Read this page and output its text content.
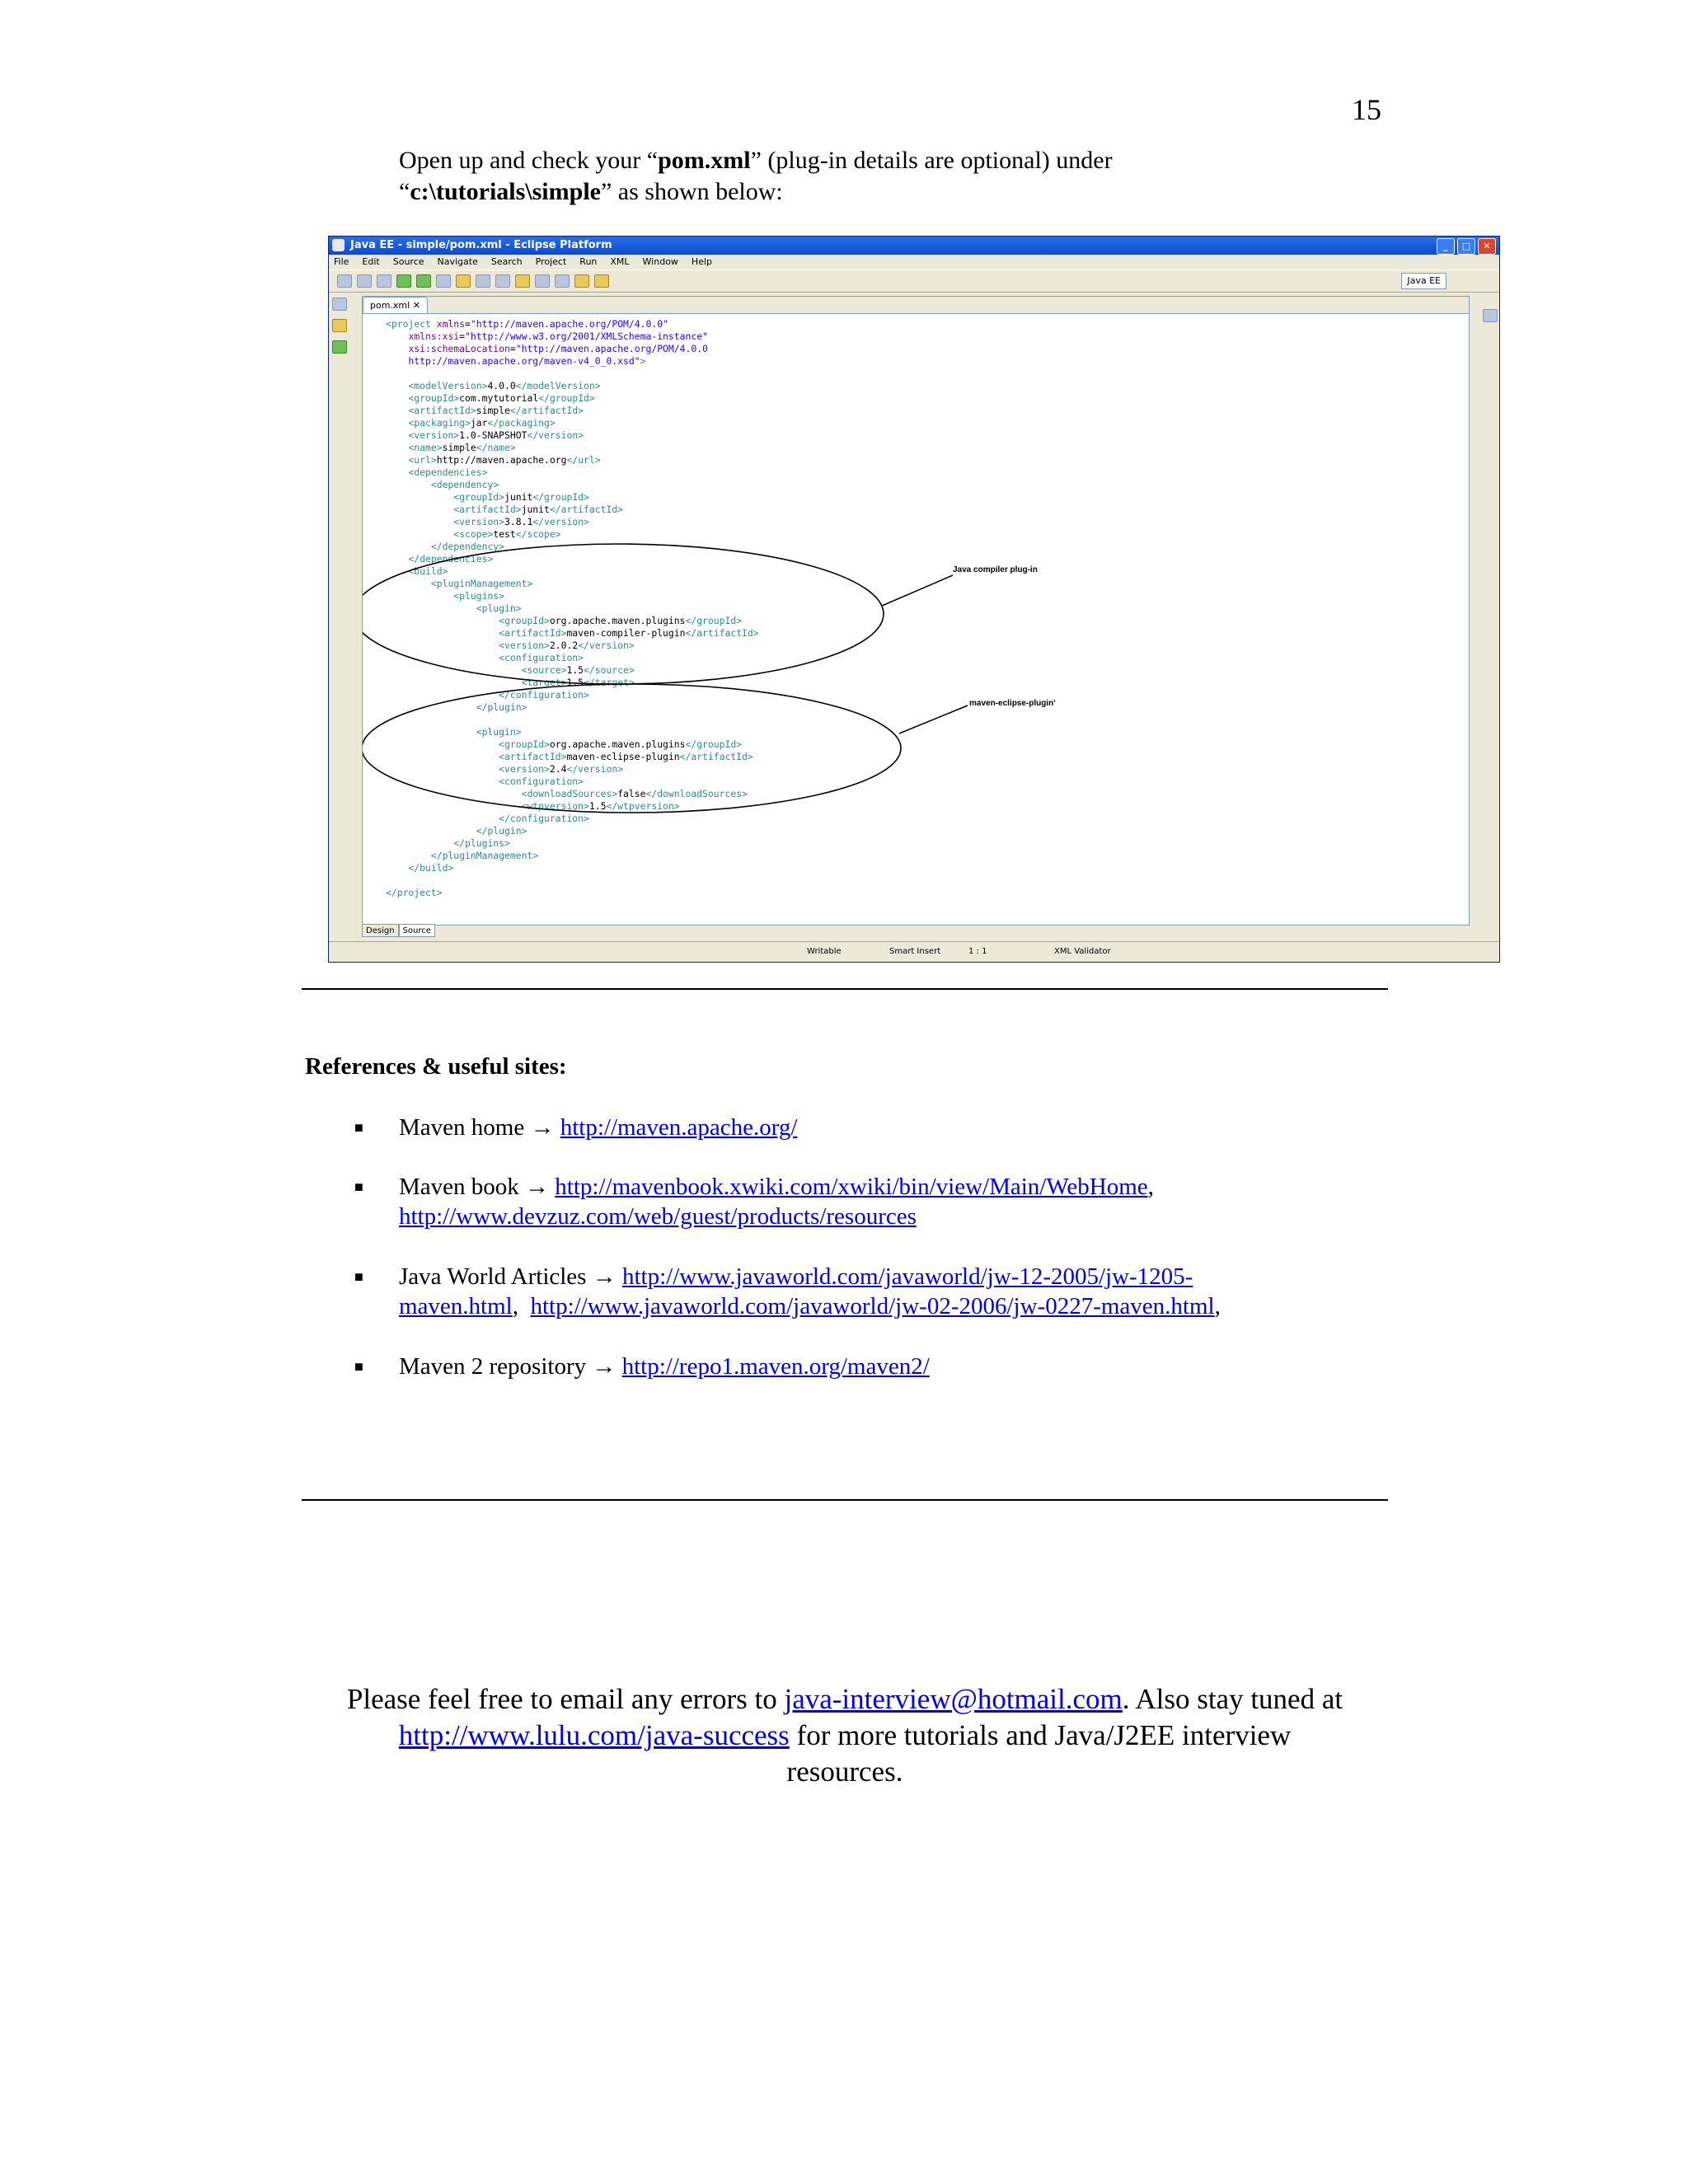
15
Open up and check your “pom.xml” (plug-in details are optional) under
“c:\tutorials\simple” as shown below:
Java EE - simple/pom.xml - Eclipse Platform	_	□	✕
File Edit Source Navigate Search Project Run XML Window Help
Java EE
pom.xml ✕
<project xmlns="http://maven.apache.org/POM/4.0.0"
xmlns:xsi="http://www.w3.org/2001/XMLSchema-instance"
xsi:schemaLocation="http://maven.apache.org/POM/4.0.0
http://maven.apache.org/maven-v4_0_0.xsd">

<modelVersion>4.0.0</modelVersion>
<groupId>com.mytutorial</groupId>
<artifactId>simple</artifactId>
<packaging>jar</packaging>
<version>1.0-SNAPSHOT</version>
<name>simple</name>
<url>http://maven.apache.org</url>
<dependencies>
<dependency>
<groupId>junit</groupId>
<artifactId>junit</artifactId>
<version>3.8.1</version>
<scope>test</scope>
</dependency>
</dependencies>
<build>
<pluginManagement>
<plugins>
<plugin>
<groupId>org.apache.maven.plugins</groupId>
<artifactId>maven-compiler-plugin</artifactId>
<version>2.0.2</version>
<configuration>
<source>1.5</source>
<target>1.5</target>
</configuration>
</plugin>

<plugin>
<groupId>org.apache.maven.plugins</groupId>
<artifactId>maven-eclipse-plugin</artifactId>
<version>2.4</version>
<configuration>
<downloadSources>false</downloadSources>
<wtpversion>1.5</wtpversion>
</configuration>
</plugin>
</plugins>
</pluginManagement>
</build>

</project>
Java compiler plug-in
maven-eclipse-plugin'
Design	Source
Writable	Smart Insert	1 : 1	XML Validator
References & useful sites:
■ Maven home → http://maven.apache.org/
■ Maven book → http://mavenbook.xwiki.com/xwiki/bin/view/Main/WebHome,
http://www.devzuz.com/web/guest/products/resources
■ Java World Articles → http://www.javaworld.com/javaworld/jw-12-2005/jw-1205-
maven.html,  http://www.javaworld.com/javaworld/jw-02-2006/jw-0227-maven.html,
■ Maven 2 repository → http://repo1.maven.org/maven2/
Please feel free to email any errors to java-interview@hotmail.com. Also stay tuned at
http://www.lulu.com/java-success for more tutorials and Java/J2EE interview
resources.
